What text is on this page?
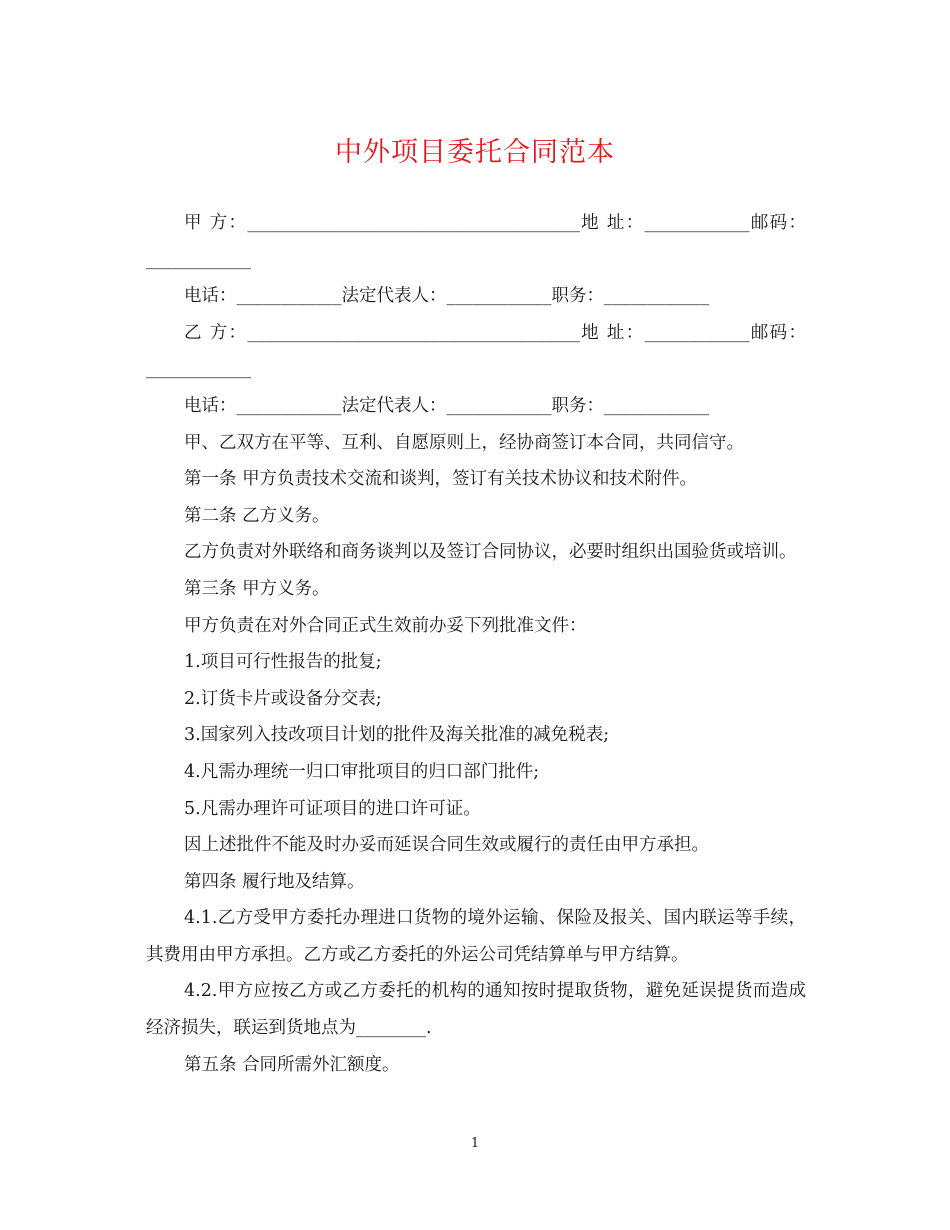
中外项目委托合同范本

甲 方：______________________________________地 址：____________邮码：____________

电话：____________法定代表人：____________职务：____________

乙 方：______________________________________地 址：____________邮码：____________

电话：____________法定代表人：____________职务：____________

甲、乙双方在平等、互利、自愿原则上，经协商签订本合同，共同信守。

第一条 甲方负责技术交流和谈判，签订有关技术协议和技术附件。

第二条 乙方义务。

乙方负责对外联络和商务谈判以及签订合同协议，必要时组织出国验货或培训。

第三条 甲方义务。

甲方负责在对外合同正式生效前办妥下列批准文件：

1.项目可行性报告的批复;

2.订货卡片或设备分交表;

3.国家列入技改项目计划的批件及海关批准的减免税表;

4.凡需办理统一归口审批项目的归口部门批件;

5.凡需办理许可证项目的进口许可证。

因上述批件不能及时办妥而延误合同生效或履行的责任由甲方承担。

第四条 履行地及结算。

4.1.乙方受甲方委托办理进口货物的境外运输、保险及报关、国内联运等手续，其费用由甲方承担。乙方或乙方委托的外运公司凭结算单与甲方结算。

4.2.甲方应按乙方或乙方委托的机构的通知按时提取货物，避免延误提货而造成经济损失，联运到货地点为________.

第五条 合同所需外汇额度。

1
